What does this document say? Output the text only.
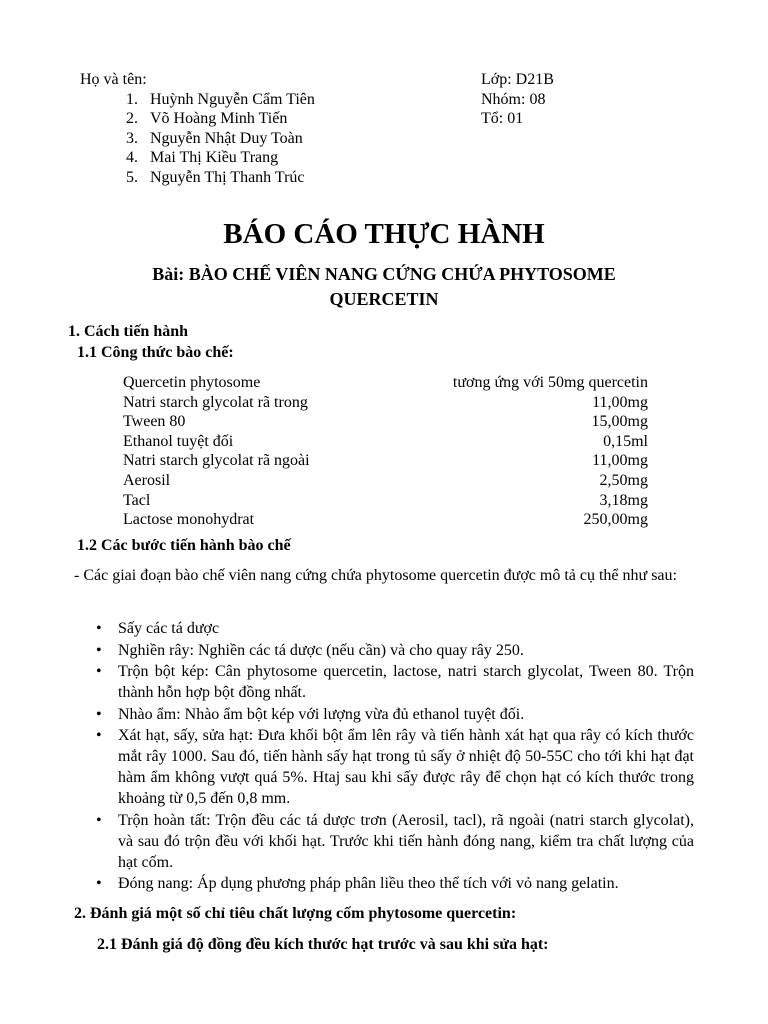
Họ và tên:
1. Huỳnh Nguyễn Cẩm Tiên
2. Võ Hoàng Minh Tiến
3. Nguyễn Nhật Duy Toàn
4. Mai Thị Kiều Trang
5. Nguyễn Thị Thanh Trúc
Lớp: D21B
Nhóm: 08
Tổ: 01
BÁO CÁO THỰC HÀNH
Bài: BÀO CHẾ VIÊN NANG CỨNG CHỨA PHYTOSOME
QUERCETIN
1. Cách tiến hành
1.1 Công thức bào chế:
Quercetin phytosome	tương ứng với 50mg quercetin
Natri starch glycolat rã trong	11,00mg
Tween 80	15,00mg
Ethanol tuyệt đối	0,15ml
Natri starch glycolat rã ngoài	11,00mg
Aerosil	2,50mg
Tacl	3,18mg
Lactose monohydrat	250,00mg
1.2 Các bước tiến hành bào chế
- Các giai đoạn bào chế viên nang cứng chứa phytosome quercetin được mô tả cụ thể như sau:
• Sấy các tá dược
• Nghiền rây: Nghiền các tá dược (nếu cần) và cho quay rây 250.
• Trộn bột kép: Cân phytosome quercetin, lactose, natri starch glycolat, Tween 80. Trộn thành hỗn hợp bột đồng nhất.
• Nhào ẩm: Nhào ẩm bột kép với lượng vừa đủ ethanol tuyệt đối.
• Xát hạt, sấy, sửa hạt: Đưa khối bột ẩm lên rây và tiến hành xát hạt qua rây có kích thước mắt rây 1000. Sau đó, tiến hành sấy hạt trong tủ sấy ở nhiệt độ 50-55C cho tới khi hạt đạt hàm ẩm không vượt quá 5%. Htaj sau khi sấy được rây để chọn hạt có kích thước trong khoảng từ 0,5 đến 0,8 mm.
• Trộn hoàn tất: Trộn đều các tá dược trơn (Aerosil, tacl), rã ngoài (natri starch glycolat), và sau đó trộn đều với khối hạt. Trước khi tiến hành đóng nang, kiểm tra chất lượng của hạt cốm.
• Đóng nang: Áp dụng phương pháp phân liều theo thể tích với vỏ nang gelatin.
2. Đánh giá một số chỉ tiêu chất lượng cốm phytosome quercetin:
2.1 Đánh giá độ đồng đều kích thước hạt trước và sau khi sửa hạt:
